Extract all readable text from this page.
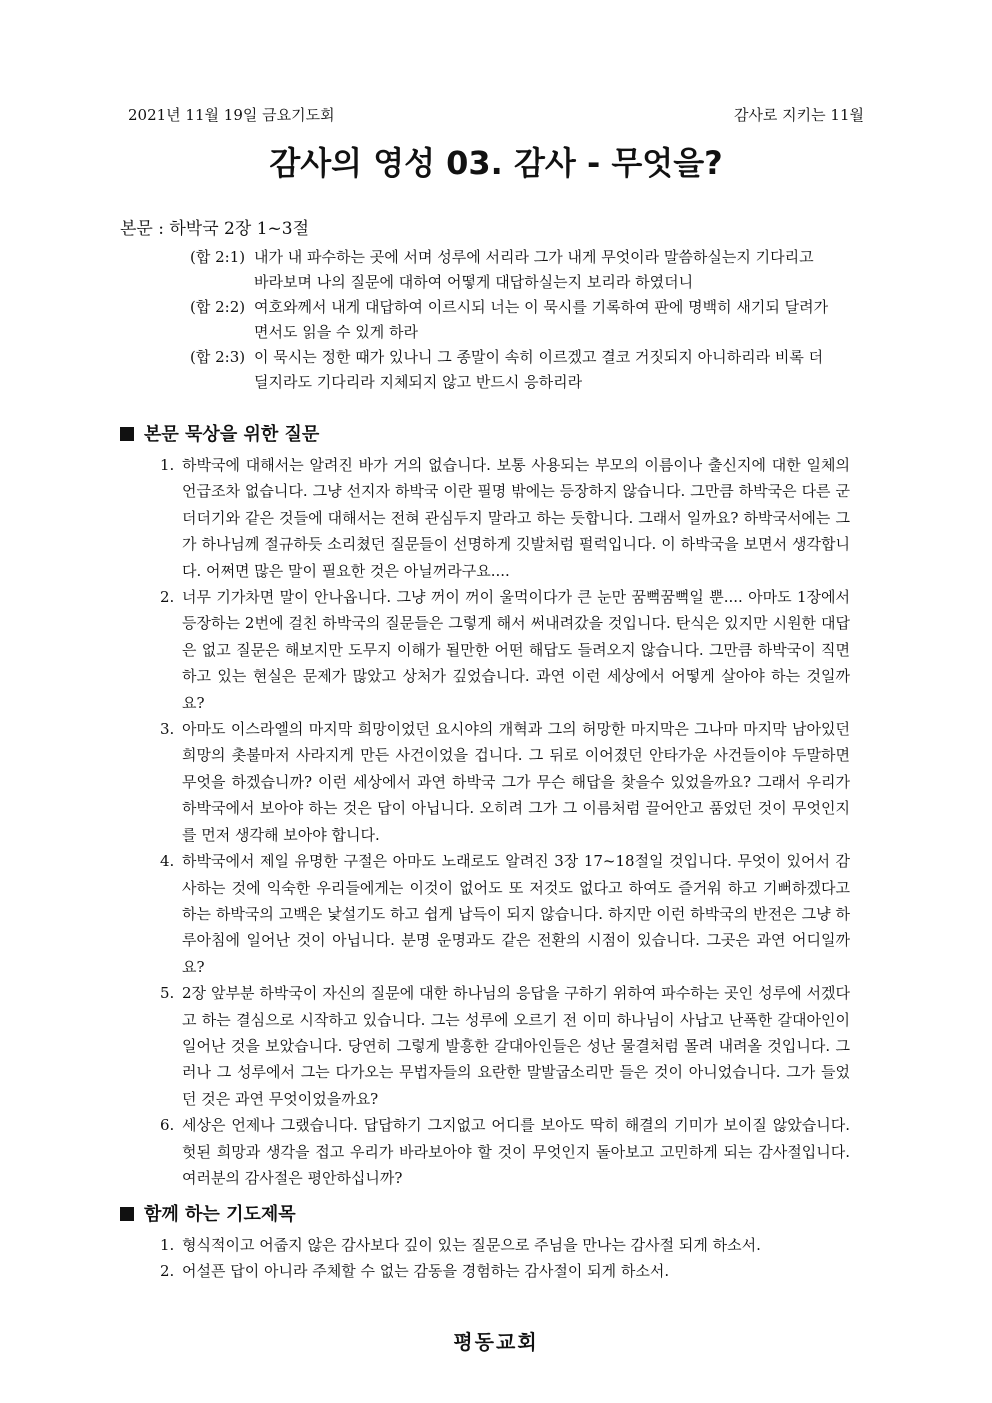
2021년 11월 19일 금요기도회	감사로 지키는 11월
감사의 영성 03. 감사 - 무엇을?
본문 : 하박국 2장 1~3절
(합 2:1) 내가 내 파수하는 곳에 서며 성루에 서리라 그가 내게 무엇이라 말씀하실는지 기다리고 바라보며 나의 질문에 대하여 어떻게 대답하실는지 보리라 하였더니
(합 2:2) 여호와께서 내게 대답하여 이르시되 너는 이 묵시를 기록하여 판에 명백히 새기되 달려가면서도 읽을 수 있게 하라
(합 2:3) 이 묵시는 정한 때가 있나니 그 종말이 속히 이르겠고 결코 거짓되지 아니하리라 비록 더딜지라도 기다리라 지체되지 않고 반드시 응하리라
본문 묵상을 위한 질문
1. 하박국에 대해서는 알려진 바가 거의 없습니다. 보통 사용되는 부모의 이름이나 출신지에 대한 일체의 언급조차 없습니다. 그냥 선지자 하박국 이란 필명 밖에는 등장하지 않습니다. 그만큼 하박국은 다른 군더더기와 같은 것들에 대해서는 전혀 관심두지 말라고 하는 듯합니다. 그래서 일까요? 하박국서에는 그가 하나님께 절규하듯 소리쳤던 질문들이 선명하게 깃발처럼 펄럭입니다. 이 하박국을 보면서 생각합니다. 어쩌면 많은 말이 필요한 것은 아닐꺼라구요....
2. 너무 기가차면 말이 안나옵니다. 그냥 꺼이 꺼이 울먹이다가 큰 눈만 꿈뻑꿈뻑일 뿐.... 아마도 1장에서 등장하는 2번에 걸친 하박국의 질문들은 그렇게 해서 써내려갔을 것입니다. 탄식은 있지만 시원한 대답은 없고 질문은 해보지만 도무지 이해가 될만한 어떤 해답도 들려오지 않습니다. 그만큼 하박국이 직면하고 있는 현실은 문제가 많았고 상처가 깊었습니다. 과연 이런 세상에서 어떻게 살아야 하는 것일까요?
3. 아마도 이스라엘의 마지막 희망이었던 요시야의 개혁과 그의 허망한 마지막은 그나마 마지막 남아있던 희망의 촛불마저 사라지게 만든 사건이었을 겁니다. 그 뒤로 이어졌던 안타가운 사건들이야 두말하면 무엇을 하겠습니까? 이런 세상에서 과연 하박국 그가 무슨 해답을 찾을수 있었을까요? 그래서 우리가 하박국에서 보아야 하는 것은 답이 아닙니다. 오히려 그가 그 이름처럼 끌어안고 품었던 것이 무엇인지를 먼저 생각해 보아야 합니다.
4. 하박국에서 제일 유명한 구절은 아마도 노래로도 알려진 3장 17~18절일 것입니다. 무엇이 있어서 감사하는 것에 익숙한 우리들에게는 이것이 없어도 또 저것도 없다고 하여도 즐거워 하고 기뻐하겠다고 하는 하박국의 고백은 낯설기도 하고 쉽게 납득이 되지 않습니다. 하지만 이런 하박국의 반전은 그냥 하루아침에 일어난 것이 아닙니다. 분명 운명과도 같은 전환의 시점이 있습니다. 그곳은 과연 어디일까요?
5. 2장 앞부분 하박국이 자신의 질문에 대한 하나님의 응답을 구하기 위하여 파수하는 곳인 성루에 서겠다고 하는 결심으로 시작하고 있습니다. 그는 성루에 오르기 전 이미 하나님이 사납고 난폭한 갈대아인이 일어난 것을 보았습니다. 당연히 그렇게 발흥한 갈대아인들은 성난 물결처럼 몰려 내려올 것입니다. 그러나 그 성루에서 그는 다가오는 무법자들의 요란한 말발굽소리만 들은 것이 아니었습니다. 그가 들었던 것은 과연 무엇이었을까요?
6. 세상은 언제나 그랬습니다. 답답하기 그지없고 어디를 보아도 딱히 해결의 기미가 보이질 않았습니다. 헛된 희망과 생각을 접고 우리가 바라보아야 할 것이 무엇인지 돌아보고 고민하게 되는 감사절입니다. 여러분의 감사절은 평안하십니까?
함께 하는 기도제목
1. 형식적이고 어줍지 않은 감사보다 깊이 있는 질문으로 주님을 만나는 감사절 되게 하소서.
2. 어설픈 답이 아니라 주체할 수 없는 감동을 경험하는 감사절이 되게 하소서.
평동교회
